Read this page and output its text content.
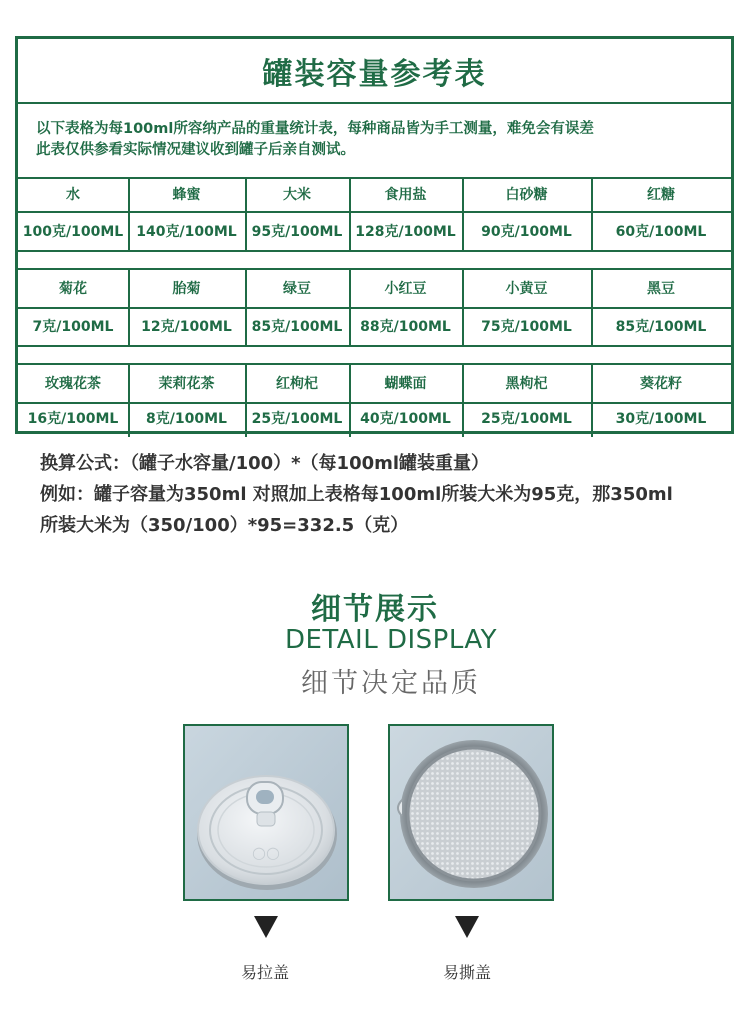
罐装容量参考表
以下表格为每100ml所容纳产品的重量统计表，每种商品皆为手工测量，难免会有误差
此表仅供参看实际情况建议收到罐子后亲自测试。
水	蜂蜜	大米	食用盐	白砂糖	红糖
100克/100ML 140克/100ML	95克/100ML 128克/100ML	90克/100ML	60克/100ML
菊花	胎菊	绿豆	小红豆	小黄豆	黑豆
7克/100ML	12克/100ML	85克/100ML	88克/100ML	75克/100ML	85克/100ML
玫瑰花茶	茉莉花茶	红枸杞	蝴蝶面	黑枸杞	葵花籽
16克/100ML	8克/100ML	25克/100ML	40克/100ML	25克/100ML	30克/100ML
换算公式：（罐子水容量/100）*（每100ml罐装重量）
例如：罐子容量为350ml 对照加上表格每100ml所装大米为95克，那350ml
所装大米为（350/100）*95=332.5（克）
细节展示
DETAIL DISPLAY
细节决定品质
○○
易拉盖	易撕盖
